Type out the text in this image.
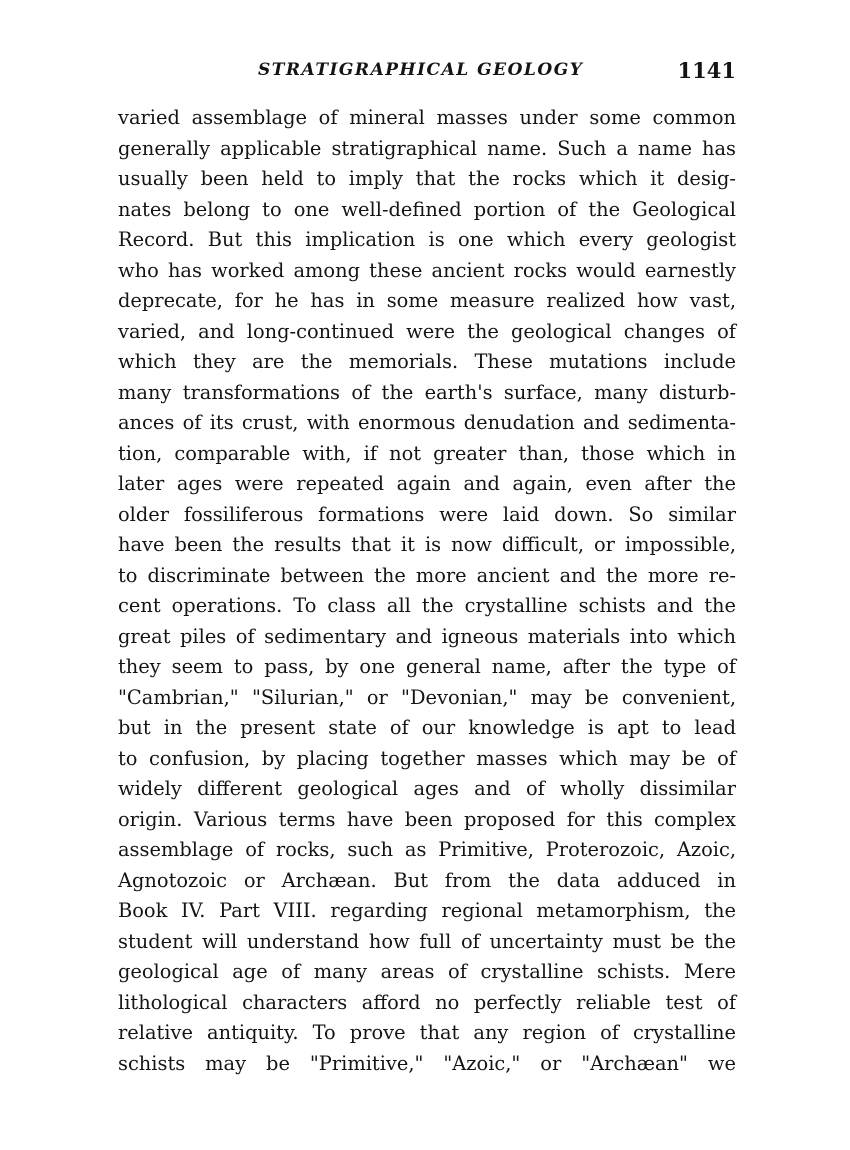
STRATIGRAPHICAL GEOLOGY	1141
varied assemblage of mineral masses under some common
generally applicable stratigraphical name. Such a name has
usually been held to imply that the rocks which it desig-
nates belong to one well-defined portion of the Geological
Record. But this implication is one which every geologist
who has worked among these ancient rocks would earnestly
deprecate, for he has in some measure realized how vast,
varied, and long-continued were the geological changes of
which they are the memorials. These mutations include
many transformations of the earth's surface, many disturb-
ances of its crust, with enormous denudation and sedimenta-
tion, comparable with, if not greater than, those which in
later ages were repeated again and again, even after the
older fossiliferous formations were laid down. So similar
have been the results that it is now difficult, or impossible,
to discriminate between the more ancient and the more re-
cent operations. To class all the crystalline schists and the
great piles of sedimentary and igneous materials into which
they seem to pass, by one general name, after the type of
"Cambrian," "Silurian," or "Devonian," may be convenient,
but in the present state of our knowledge is apt to lead
to confusion, by placing together masses which may be of
widely different geological ages and of wholly dissimilar
origin. Various terms have been proposed for this complex
assemblage of rocks, such as Primitive, Proterozoic, Azoic,
Agnotozoic or Archæan. But from the data adduced in
Book IV. Part VIII. regarding regional metamorphism, the
student will understand how full of uncertainty must be the
geological age of many areas of crystalline schists. Mere
lithological characters afford no perfectly reliable test of
relative antiquity. To prove that any region of crystalline
schists may be "Primitive," "Azoic," or "Archæan" we
